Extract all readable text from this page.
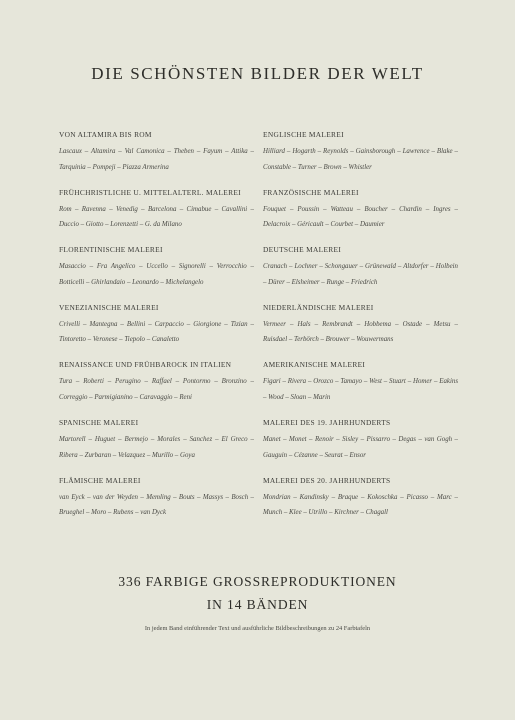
DIE SCHÖNSTEN BILDER DER WELT
VON ALTAMIRA BIS ROM
Lascaux – Altamira – Val Camonica – Theben – Fayum – Attika – Tarquinia – Pompeji – Piazza Armerina
FRÜHCHRISTLICHE U. MITTELALTERL. MALEREI
Rom – Ravenna – Venedig – Barcelona – Cimabue – Cavallini – Duccio – Giotto – Lorenzetti – G. da Milano
FLORENTINISCHE MALEREI
Masaccio – Fra Angelico – Uccello – Signorelli – Verrocchio – Botticelli – Ghirlandaio – Leonardo – Michelangelo
VENEZIANISCHE MALEREI
Crivelli – Mantegna – Bellini – Carpaccio – Giorgione – Tizian – Tintoretto – Veronese – Tiepolo – Canaletto
RENAISSANCE UND FRÜHBAROCK IN ITALIEN
Tura – Roberti – Perugino – Raffael – Pontormo – Bronzino – Correggio – Parmigianino – Caravaggio – Reni
SPANISCHE MALEREI
Martorell – Huguet – Bermejo – Morales – Sanchez – El Greco – Ribera – Zurbaran – Velazquez – Murillo – Goya
FLÄMISCHE MALEREI
van Eyck – van der Weyden – Memling – Bouts – Massys – Bosch – Brueghel – Moro – Rubens – van Dyck
ENGLISCHE MALEREI
Hilliard – Hogarth – Reynolds – Gainsborough – Lawrence – Blake – Constable – Turner – Brown – Whistler
FRANZÖSISCHE MALEREI
Fouquet – Poussin – Watteau – Boucher – Chardin – Ingres – Delacroix – Géricault – Courbet – Daumier
DEUTSCHE MALEREI
Cranach – Lochner – Schongauer – Grünewald – Altdorfer – Holbein – Dürer – Elsheimer – Runge – Friedrich
NIEDERLÄNDISCHE MALEREI
Vermeer – Hals – Rembrandt – Hobbema – Ostade – Metsu – Ruisdael – Terbörch – Brouwer – Wouwermans
AMERIKANISCHE MALEREI
Figari – Rivera – Orozco – Tamayo – West – Stuart – Homer – Eakins – Wood – Sloan – Marin
MALEREI DES 19. JAHRHUNDERTS
Manet – Monet – Renoir – Sisley – Pissarro – Degas – van Gogh – Gauguin – Cézanne – Seurat – Ensor
MALEREI DES 20. JAHRHUNDERTS
Mondrian – Kandinsky – Braque – Kokoschka – Picasso – Marc – Munch – Klee – Utrillo – Kirchner – Chagall
336 FARBIGE GROSSREPRODUKTIONEN
IN 14 BÄNDEN
In jedem Band einführender Text und ausführliche Bildbeschreibungen zu 24 Farbtafeln
